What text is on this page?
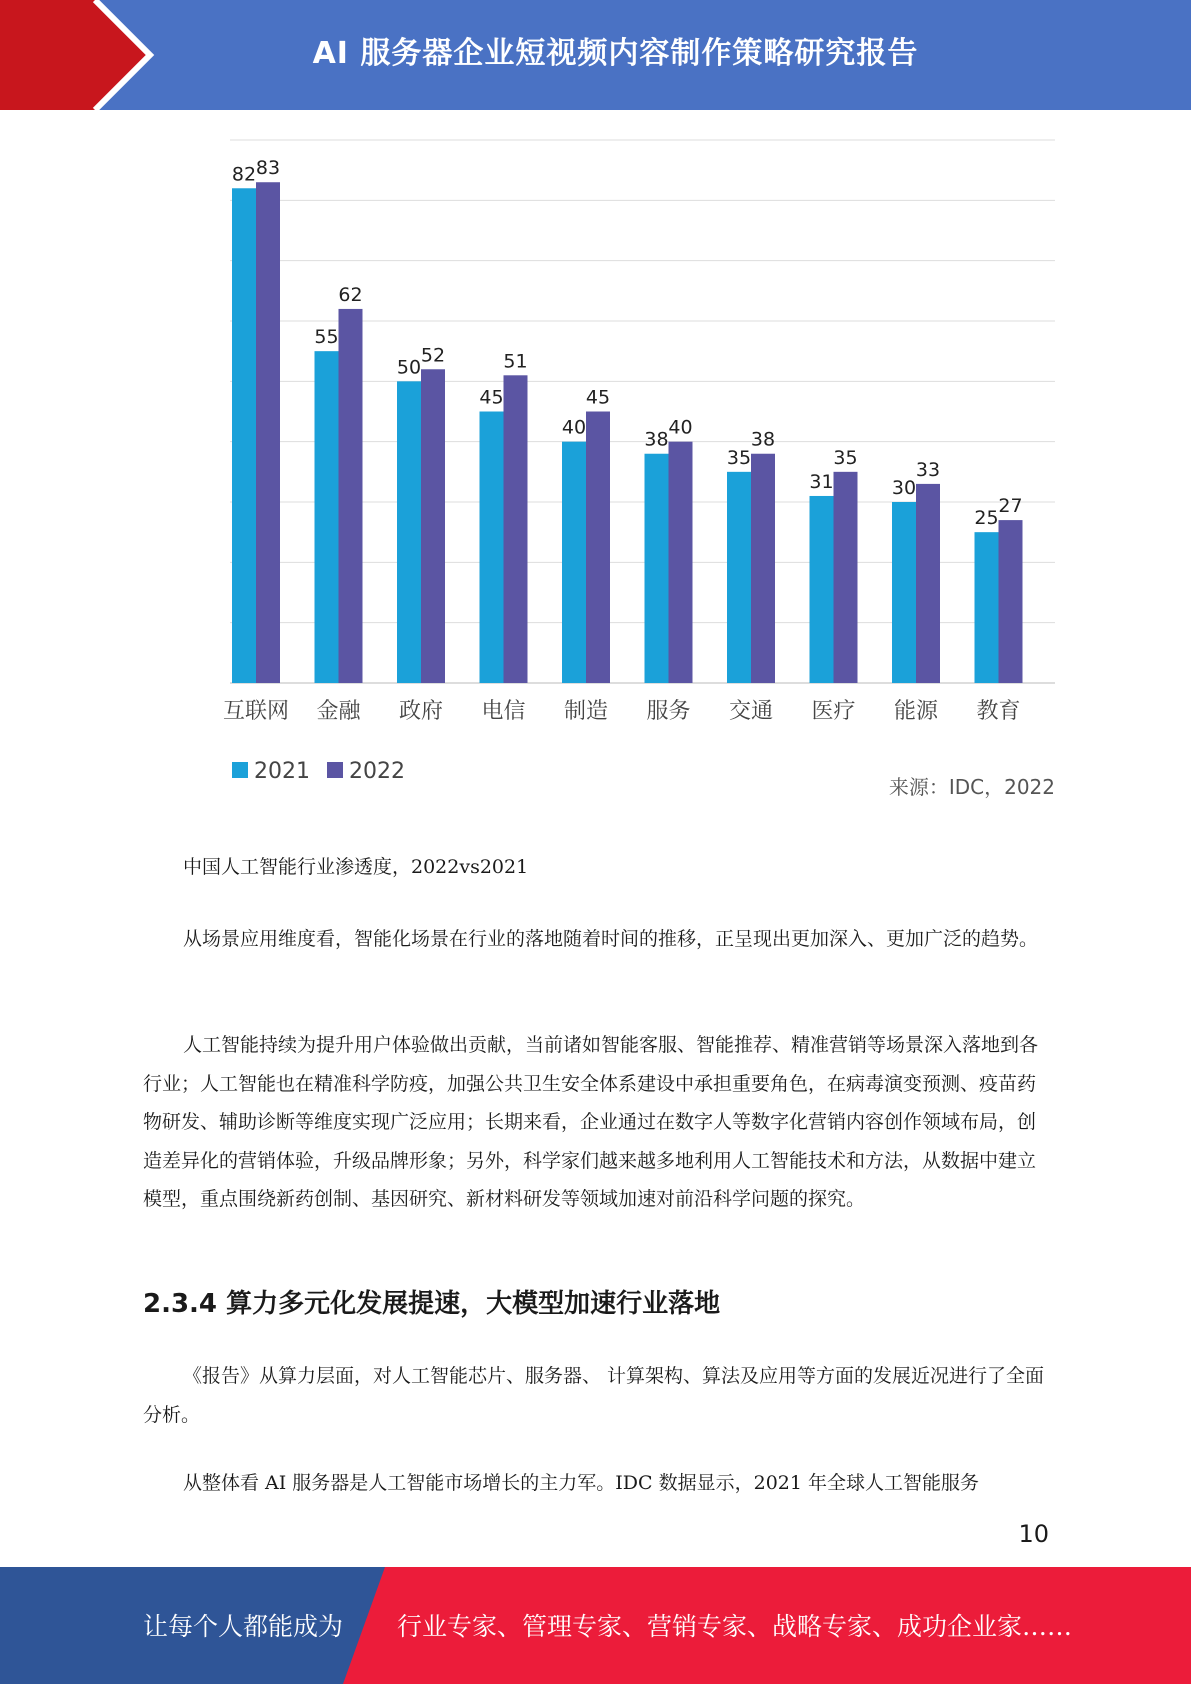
AI 服务器企业短视频内容制作策略研究报告
82 83
55
62
50
52
45
51
40
45
38
40
35
38
31
35
30
33
25
27
互联网 金融 政府 电信 制造 服务 交通 医疗 能源 教育
2021 2022
来源：IDC，2022

中国人工智能行业渗透度，2022vs2021

从场景应用维度看，智能化场景在行业的落地随着时间的推移，正呈现出更加深入、更加广泛的趋势。

人工智能持续为提升用户体验做出贡献，当前诸如智能客服、智能推荐、精准营销等场景深入落地到各行业；人工智能也在精准科学防疫，加强公共卫生安全体系建设中承担重要角色，在病毒演变预测、疫苗药物研发、辅助诊断等维度实现广泛应用；长期来看，企业通过在数字人等数字化营销内容创作领域布局，创造差异化的营销体验，升级品牌形象；另外，科学家们越来越多地利用人工智能技术和方法，从数据中建立模型，重点围绕新药创制、基因研究、新材料研发等领域加速对前沿科学问题的探究。

2.3.4 算力多元化发展提速，大模型加速行业落地

《报告》从算力层面，对人工智能芯片、服务器、 计算架构、算法及应用等方面的发展近况进行了全面分析。

从整体看 AI 服务器是人工智能市场增长的主力军。IDC 数据显示，2021 年全球人工智能服务

10
让每个人都能成为 行业专家、管理专家、营销专家、战略专家、成功企业家……
